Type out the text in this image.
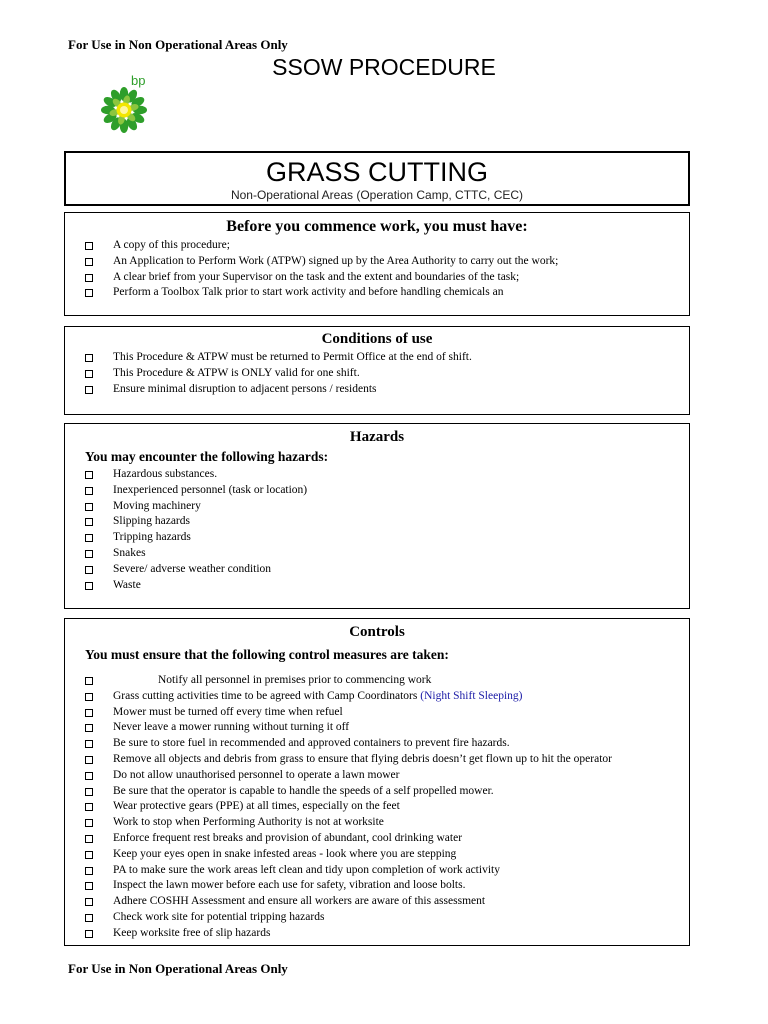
For Use in Non Operational Areas Only
SSOW PROCEDURE
bp
GRASS CUTTING
Non-Operational Areas (Operation Camp, CTTC, CEC)
Before you commence work, you must have:
A copy of this procedure;
An Application to Perform Work (ATPW) signed up by the Area Authority to carry out the work;
A clear brief from your Supervisor on the task and the extent and boundaries of the task;
Perform a Toolbox Talk prior to start work activity and before handling chemicals an
Conditions of use
This Procedure & ATPW must be returned to Permit Office at the end of shift.
This Procedure & ATPW is ONLY valid for one shift.
Ensure minimal disruption to adjacent persons / residents
Hazards
You may encounter the following hazards:
Hazardous substances.
Inexperienced personnel (task or location)
Moving machinery
Slipping hazards
Tripping hazards
Snakes
Severe/ adverse weather condition
Waste
Controls
You must ensure that the following control measures are taken:
Notify all personnel in premises prior to commencing work
Grass cutting activities time to be agreed with Camp Coordinators (Night Shift Sleeping)
Mower must be turned off every time when refuel
Never leave a mower running without turning it off
Be sure to store fuel in recommended and approved containers to prevent fire hazards.
Remove all objects and debris from grass to ensure that flying debris doesn’t get flown up to hit the operator
Do not allow unauthorised personnel to operate a lawn mower
Be sure that the operator is capable to handle the speeds of a self propelled mower.
Wear protective gears (PPE) at all times, especially on the feet
Work to stop when Performing Authority is not at worksite
Enforce frequent rest breaks and provision of abundant, cool drinking water
Keep your eyes open in snake infested areas - look where you are stepping
PA to make sure the work areas left clean and tidy upon completion of work activity
Inspect the lawn mower before each use for safety, vibration and loose bolts.
Adhere COSHH Assessment and ensure all workers are aware of this assessment
Check work site for potential tripping hazards
Keep worksite free of slip hazards
For Use in Non Operational Areas Only
